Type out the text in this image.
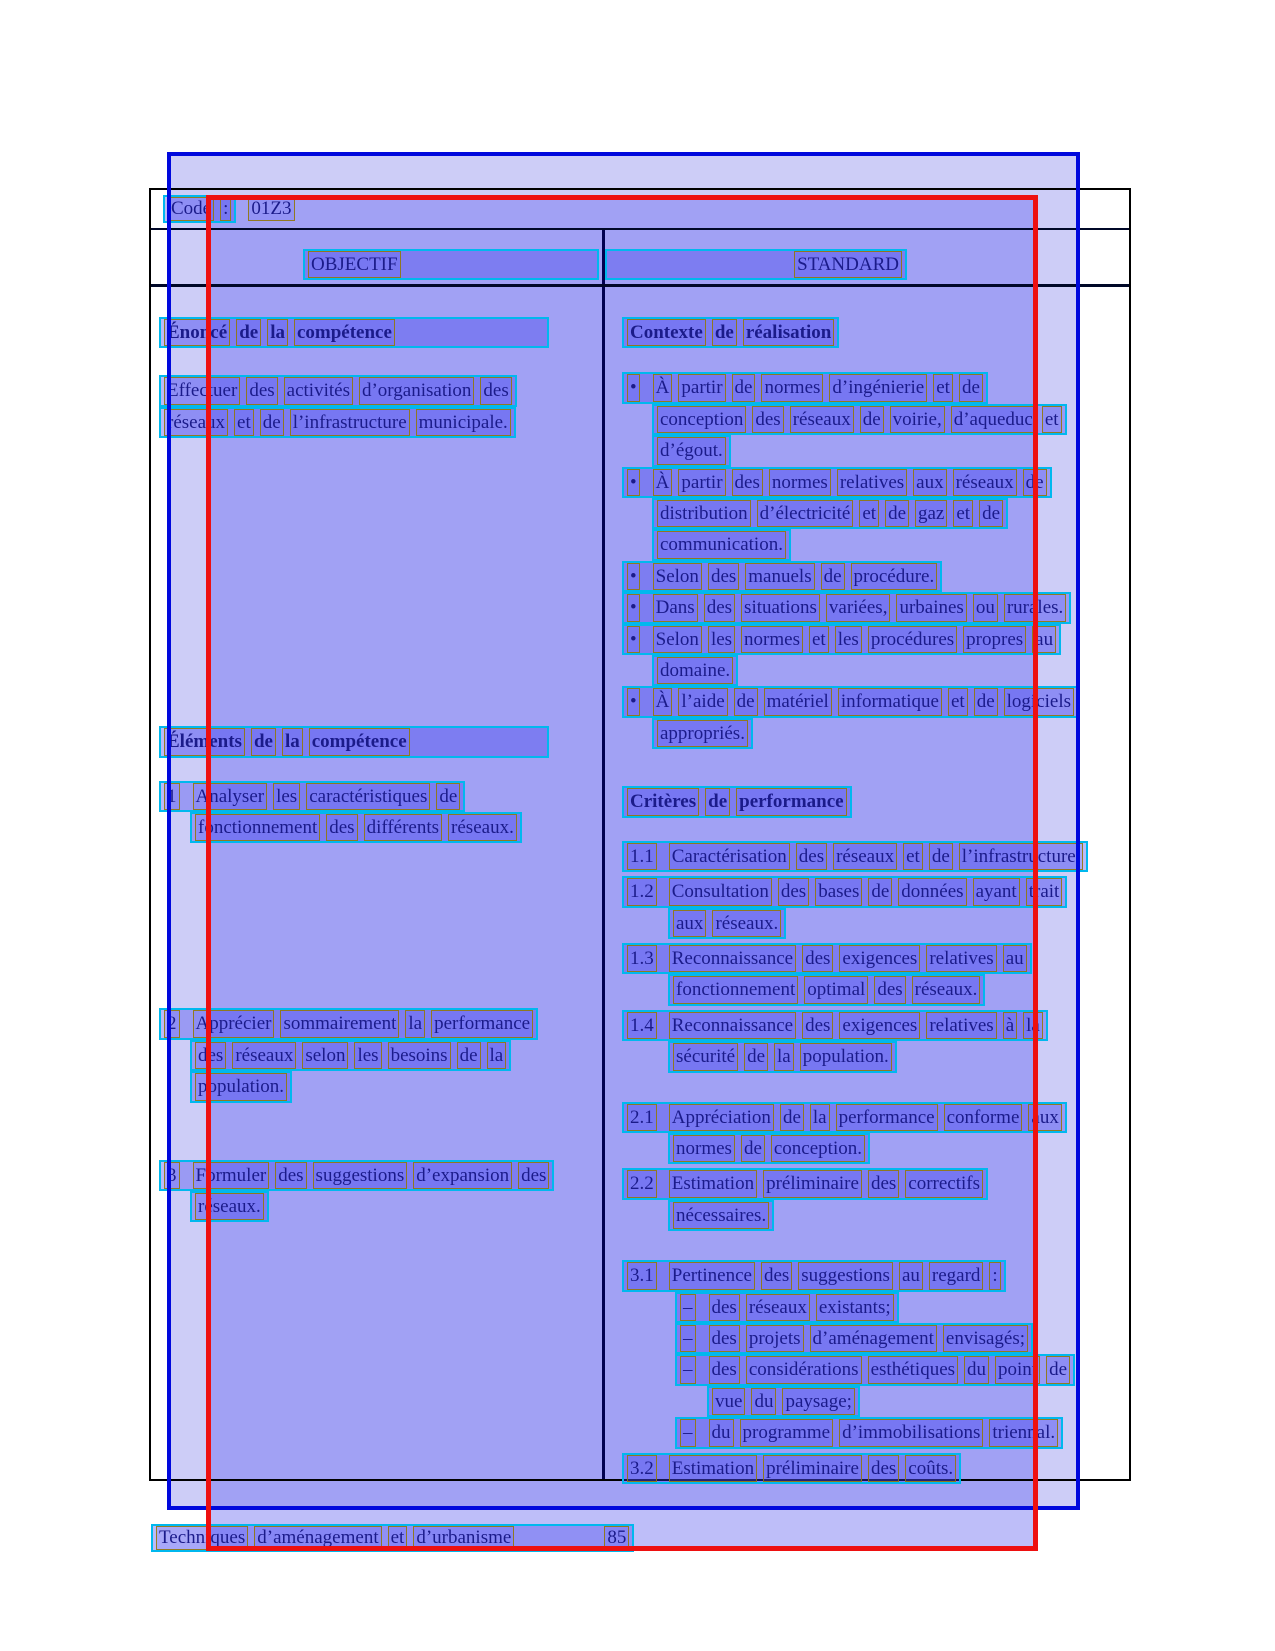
Code : 01Z3
OBJECTIF	STANDARD
Énoncé de la compétence
Effectuer des activités d’organisation des
réseaux et de l’infrastructure municipale.
Éléments de la compétence
1 Analyser les caractéristiques de
fonctionnement des différents réseaux.
2 Apprécier sommairement la performance
des réseaux selon les besoins de la
population.
3 Formuler des suggestions d’expansion des
réseaux.
Contexte de réalisation
• À partir de normes d’ingénierie et de
conception des réseaux de voirie, d’aqueduc et
d’égout.
• À partir des normes relatives aux réseaux de
distribution d’électricité et de gaz et de
communication.
• Selon des manuels de procédure.
• Dans des situations variées, urbaines ou rurales.
• Selon les normes et les procédures propres au
domaine.
• À l’aide de matériel informatique et de logiciels
appropriés.
Critères de performance
1.1 Caractérisation des réseaux et de l’infrastructure.
1.2 Consultation des bases de données ayant trait
aux réseaux.
1.3 Reconnaissance des exigences relatives au
fonctionnement optimal des réseaux.
1.4 Reconnaissance des exigences relatives à la
sécurité de la population.
2.1 Appréciation de la performance conforme aux
normes de conception.
2.2 Estimation préliminaire des correctifs
nécessaires.
3.1 Pertinence des suggestions au regard :
– des réseaux existants;
– des projets d’aménagement envisagés;
– des considérations esthétiques du point de
vue du paysage;
– du programme d’immobilisations triennal.
3.2 Estimation préliminaire des coûts.
Techniques d’aménagement et d’urbanisme	85
